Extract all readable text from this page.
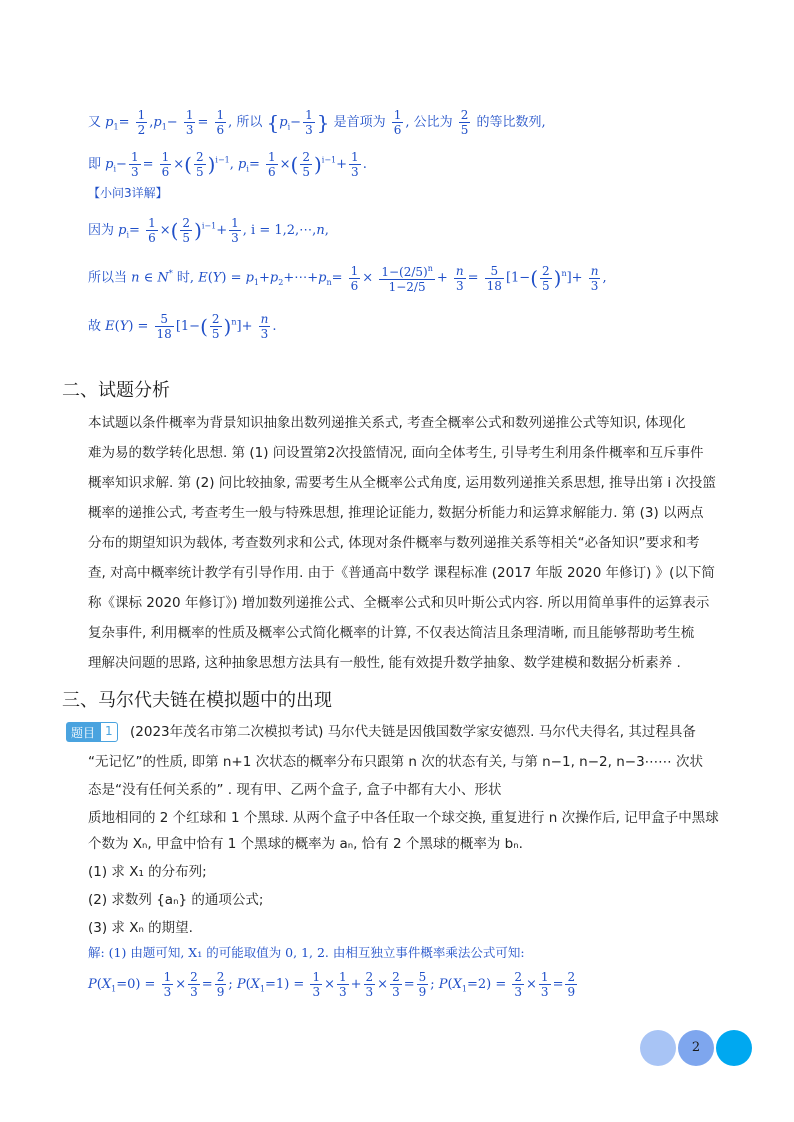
又 $p_1= \frac{1}{2} ,p_1- \frac{1}{3} = \frac{1}{6}$ , 所以 {$p_i- \frac{1}{3}$ } 是首项为 $\frac{1}{6}$ , 公比为 $\frac{2}{5}$ 的等比数列,
即 $p_i- \frac{1}{3} = \frac{1}{6}$ ×( $\frac{2}{5} )^{i-1}$, $p_i= \frac{1}{6}$ ×( $\frac{2}{5} )^{i-1}+ \frac{1}{3}$ .
【小问3详解】
因为 $p_i= \frac{1}{6}$ ×( $\frac{2}{5} )^{i-1}+ \frac{1}{3}$ , i = 1,2,⋯,n,
所以当 n ∈ N* 时, $E(Y) = p_1+p_2+\cdots+p_n= \frac{1}{6} \times \frac{1-(2/5)^n}{1-2/5} + \frac{n}{3} = \frac{5}{18} [1-( \frac{2}{5} )^n]+ \frac{n}{3}$ ,
故 $E(Y) = \frac{5}{18} [1-( \frac{2}{5} )^n]+ \frac{n}{3}$ .
二、试题分析
本试题以条件概率为背景知识抽象出数列递推关系式, 考查全概率公式和数列递推公式等知识, 体现化
难为易的数学转化思想. 第 (1) 问设置第2次投篮情况, 面向全体考生, 引导考生利用条件概率和互斥事件
概率知识求解. 第 (2) 问比较抽象, 需要考生从全概率公式角度, 运用数列递推关系思想, 推导出第 i 次投篮
概率的递推公式, 考查考生一般与特殊思想, 推理论证能力, 数据分析能力和运算求解能力. 第 (3) 以两点
分布的期望知识为载体, 考查数列求和公式, 体现对条件概率与数列递推关系等相关“必备知识”要求和考
查, 对高中概率统计教学有引导作用. 由于《普通高中数学 课程标准 (2017 年版 2020 年修订) 》(以下简
称《课标 2020 年修订》) 增加数列递推公式、全概率公式和贝叶斯公式内容. 所以用简单事件的运算表示
复杂事件, 利用概率的性质及概率公式简化概率的计算, 不仅表达简洁且条理清晰, 而且能够帮助考生梳
理解决问题的思路, 这种抽象思想方法具有一般性, 能有效提升数学抽象、数学建模和数据分析素养 .
三、马尔代夫链在模拟题中的出现
题目 1	(2023年茂名市第二次模拟考试) 马尔代夫链是因俄国数学家安德烈. 马尔代夫得名, 其过程具备
“无记忆”的性质, 即第 n+1 次状态的概率分布只跟第 n 次的状态有关, 与第 n−1, n−2, n−3⋯⋯ 次状
态是“没有任何关系的” . 现有甲、乙两个盒子, 盒子中都有大小、形状
质地相同的 2 个红球和 1 个黑球. 从两个盒子中各任取一个球交换, 重复进行 n 次操作后, 记甲盒子中黑球
个数为 Xₙ, 甲盒中恰有 1 个黑球的概率为 aₙ, 恰有 2 个黑球的概率为 bₙ.
(1) 求 X₁ 的分布列;
(2) 求数列 {aₙ} 的通项公式;
(3) 求 Xₙ 的期望.
解: (1) 由题可知, X₁ 的可能取值为 0, 1, 2. 由相互独立事件概率乘法公式可知:
$P(X_1=0) = \frac{1}{3} \times \frac{2}{3} = \frac{2}{9}$ ; $P(X_1=1) = \frac{1}{3} \times \frac{1}{3} + \frac{2}{3} \times \frac{2}{3} = \frac{5}{9}$ ; $P(X_1=2) = \frac{2}{3} \times \frac{1}{3} = \frac{2}{9}$
2
